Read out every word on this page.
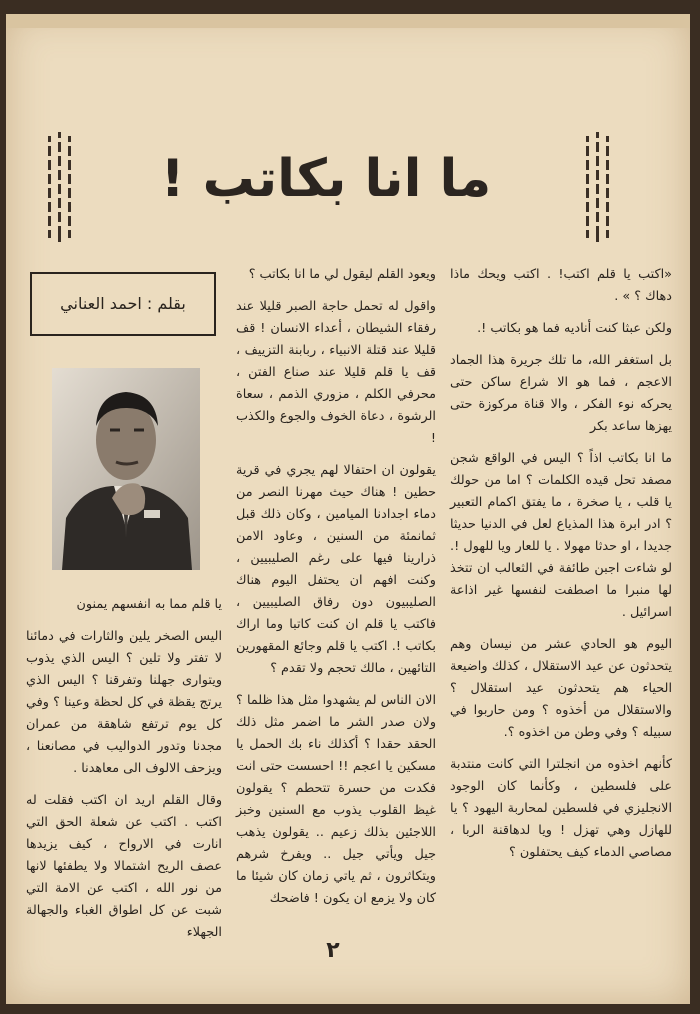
ما انا بكاتب !

«اكتب يا قلم اكتب! . اكتب ويحك ماذا دهاك ؟ » .

ولكن عبثا كنت أناديه فما هو بكاتب !.

بل استغفر الله، ما تلك جريرة هذا الجماد الاعجم ، فما هو الا شراع ساكن حتى يحركه نوء الفكر ، والا قناة مركوزة حتى يهزها ساعد بكر

ما انا بكاتب اذاً ؟ اليس في الواقع شجن مصفد تحل قيده الكلمات ؟ اما من حولك يا قلب ، يا صخرة ، ما يفتق اكمام التعبير ؟ ادر ابرة هذا المذياع لعل في الدنيا حديثا جديدا ، او حدثا مهولا . يا للعار ويا للهول !. لو شاءت اجبن طائفة في الثعالب ان تتخذ لها منبرا ما اصطفت لنفسها غير اذاعة اسرائيل .

اليوم هو الحادي عشر من نيسان وهم يتحدثون عن عيد الاستقلال ، كذلك واضيعة الحياء هم يتحدثون عيد استقلال ؟ والاستقلال من أخذوه ؟ ومن حاربوا في سبيله ؟ وفي وطن من اخذوه ؟.

كأنهم اخذوه من انجلترا التي كانت منتدبة على فلسطين ، وكأنما كان الوجود الانجليزي في فلسطين لمحاربة اليهود ؟ يا للهازل وهي تهزل ! ويا لدهاقنة الربا ، مصاصي الدماء كيف يحتفلون ؟

ويعود القلم ليقول لي ما انا بكاتب ؟

واقول له تحمل حاجة الصبر قليلا عند رفقاء الشيطان ، أعداء الانسان ! قف قليلا عند قتلة الانبياء ، ربابنة التزييف ، قف يا قلم قليلا عند صناع الفتن ، محرفي الكلم ، مزوري الذمم ، سعاة الرشوة ، دعاة الخوف والجوع والكذب !

يقولون ان احتفالا لهم يجري في قرية حطين ! هناك حيث مهرنا النصر من دماء اجدادنا الميامين ، وكان ذلك قبل ثمانمئة من السنين ، وعاود الامن ذرارينا فيها على رغم الصليبيين ، وكنت افهم ان يحتفل اليوم هناك الصليبيون دون رفاق الصليبيين ، فاكتب يا قلم ان كنت كاتبا وما اراك بكاتب !. اكتب يا قلم وجائع المقهورين التائهين ، مالك تحجم ولا تقدم ؟

الان الناس لم يشهدوا مثل هذا ظلما ؟ ولان صدر الشر ما اضمر مثل ذلك الحقد حقدا ؟ أكذلك ناء بك الحمل يا مسكين يا اعجم !! احسست حتى انت فكدت من حسرة تتحطم ؟ يقولون غيظ القلوب يذوب مع السنين وخبز اللاجئين بذلك زعيم .. يقولون يذهب جيل ويأتي جيل .. ويفرخ شرهم ويتكاثرون ، ثم ياتي زمان كان شيئا ما كان ولا يزمع ان يكون ! فاضحك

بقلم : احمد العناني

يا قلم مما به انفسهم يمنون

اليس الصخر يلين والثارات في دمائنا لا تفتر ولا تلين ؟ اليس الذي يذوب ويتوارى جهلنا وتفرقنا ؟ اليس الذي يرتج يقظة في كل لحظة وعينا ؟ وفي كل يوم ترتفع شاهقة من عمران مجدنا وتدور الدواليب في مصانعنا ، ويزحف الالوف الى معاهدنا .

وقال القلم اريد ان اكتب فقلت له اكتب . اكتب عن شعلة الحق التي انارت في الارواح ، كيف يزيدها عصف الريح اشتمالا ولا يطفئها لانها من نور الله ، اكتب عن الامة التي شبت عن كل اطواق الغباء والجهالة الجهلاء

٢
